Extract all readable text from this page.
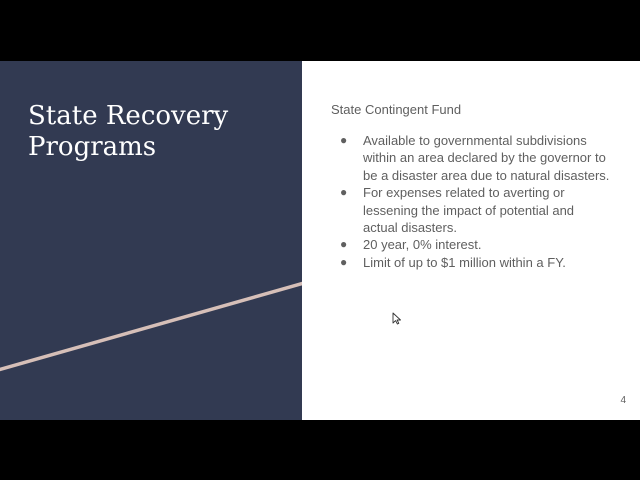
State Recovery
Programs

State Contingent Fund

● Available to governmental subdivisions within an area declared by the governor to be a disaster area due to natural disasters.
● For expenses related to averting or lessening the impact of potential and actual disasters.
● 20 year, 0% interest.
● Limit of up to $1 million within a FY.
4
